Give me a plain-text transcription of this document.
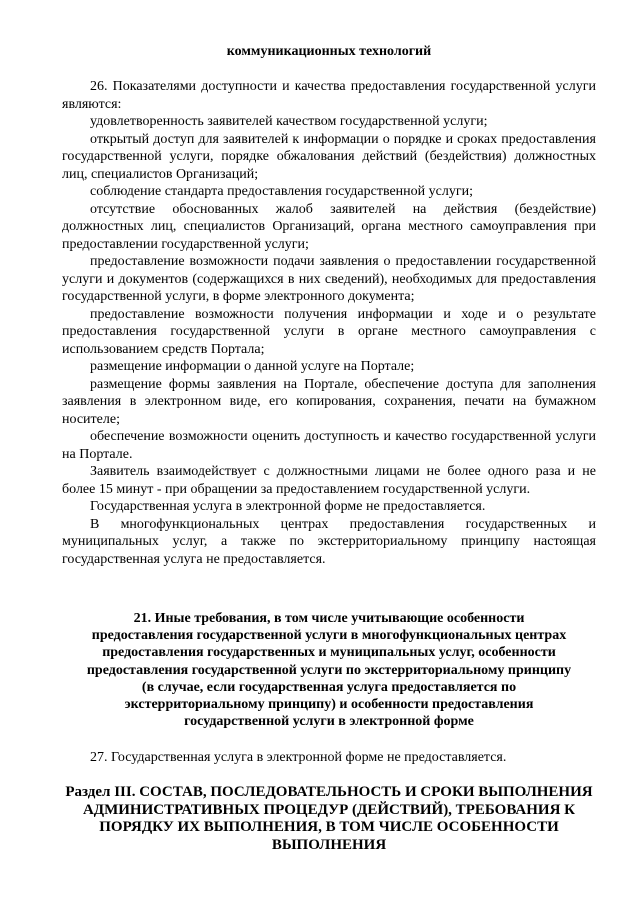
коммуникационных технологий

26. Показателями доступности и качества предоставления государственной услуги являются:

удовлетворенность заявителей качеством государственной услуги;

открытый доступ для заявителей к информации о порядке и сроках предоставления государственной услуги, порядке обжалования действий (бездействия) должностных лиц, специалистов Организаций;

соблюдение стандарта предоставления государственной услуги;

отсутствие обоснованных жалоб заявителей на действия (бездействие) должностных лиц, специалистов Организаций, органа местного самоуправления при предоставлении государственной услуги;

предоставление возможности подачи заявления о предоставлении государственной услуги и документов (содержащихся в них сведений), необходимых для предоставления государственной услуги, в форме электронного документа;

предоставление возможности получения информации и ходе и о результате предоставления государственной услуги в органе местного самоуправления с использованием средств Портала;

размещение информации о данной услуге на Портале;

размещение формы заявления на Портале, обеспечение доступа для заполнения заявления в электронном виде, его копирования, сохранения, печати на бумажном носителе;

обеспечение возможности оценить доступность и качество государственной услуги на Портале.

Заявитель взаимодействует с должностными лицами не более одного раза и не более 15 минут - при обращении за предоставлением государственной услуги.

Государственная услуга в электронной форме не предоставляется.

В многофункциональных центрах предоставления государственных и муниципальных услуг, а также по экстерриториальному принципу настоящая государственная услуга не предоставляется.

21. Иные требования, в том числе учитывающие особенности
предоставления государственной услуги в многофункциональных центрах
предоставления государственных и муниципальных услуг, особенности
предоставления государственной услуги по экстерриториальному принципу
(в случае, если государственная услуга предоставляется по
экстерриториальному принципу) и особенности предоставления
государственной услуги в электронной форме

27. Государственная услуга в электронной форме не предоставляется.

Раздел III. СОСТАВ, ПОСЛЕДОВАТЕЛЬНОСТЬ И СРОКИ ВЫПОЛНЕНИЯ
АДМИНИСТРАТИВНЫХ ПРОЦЕДУР (ДЕЙСТВИЙ), ТРЕБОВАНИЯ К
ПОРЯДКУ ИХ ВЫПОЛНЕНИЯ, В ТОМ ЧИСЛЕ ОСОБЕННОСТИ
ВЫПОЛНЕНИЯ
